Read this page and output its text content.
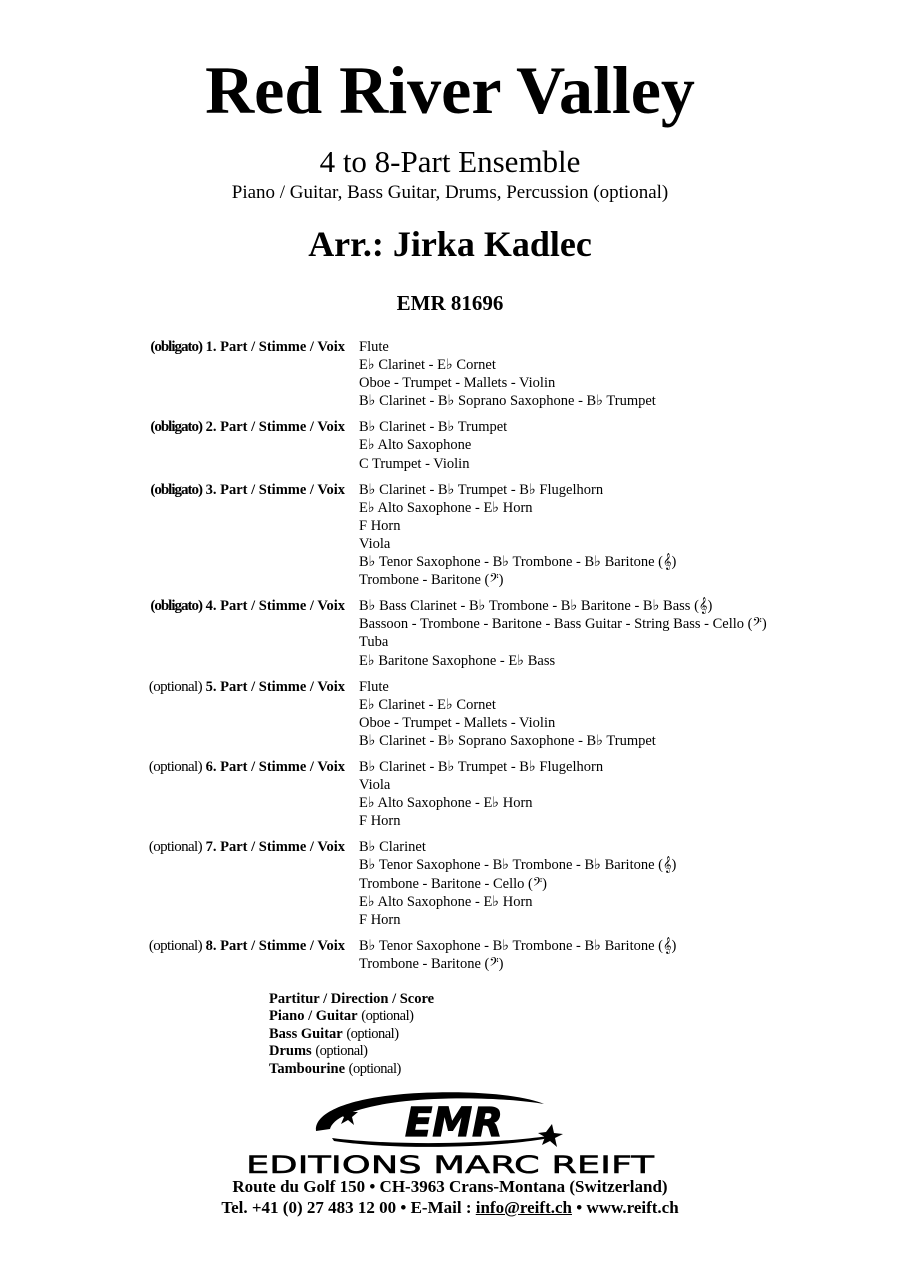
Red River Valley
4 to 8-Part Ensemble
Piano / Guitar, Bass Guitar, Drums, Percussion (optional)
Arr.: Jirka Kadlec
EMR 81696
(obligato) 1. Part / Stimme / Voix Flute
E♭ Clarinet - E♭ Cornet
Oboe - Trumpet - Mallets - Violin
B♭ Clarinet - B♭ Soprano Saxophone - B♭ Trumpet
(obligato) 2. Part / Stimme / Voix B♭ Clarinet - B♭ Trumpet
E♭ Alto Saxophone
C Trumpet - Violin
(obligato) 3. Part / Stimme / Voix B♭ Clarinet - B♭ Trumpet - B♭ Flugelhorn
E♭ Alto Saxophone - E♭ Horn
F Horn
Viola
B♭ Tenor Saxophone - B♭ Trombone - B♭ Baritone (𝄞)
Trombone - Baritone (𝄢)
(obligato) 4. Part / Stimme / Voix B♭ Bass Clarinet - B♭ Trombone - B♭ Baritone - B♭ Bass (𝄞)
Bassoon - Trombone - Baritone - Bass Guitar - String Bass - Cello (𝄢)
Tuba
E♭ Baritone Saxophone - E♭ Bass
(optional) 5. Part / Stimme / Voix Flute
E♭ Clarinet - E♭ Cornet
Oboe - Trumpet - Mallets - Violin
B♭ Clarinet - B♭ Soprano Saxophone - B♭ Trumpet
(optional) 6. Part / Stimme / Voix B♭ Clarinet - B♭ Trumpet - B♭ Flugelhorn
Viola
E♭ Alto Saxophone - E♭ Horn
F Horn
(optional) 7. Part / Stimme / Voix B♭ Clarinet
B♭ Tenor Saxophone - B♭ Trombone - B♭ Baritone (𝄞)
Trombone - Baritone - Cello (𝄢)
E♭ Alto Saxophone - E♭ Horn
F Horn
(optional) 8. Part / Stimme / Voix B♭ Tenor Saxophone - B♭ Trombone - B♭ Baritone (𝄞)
Trombone - Baritone (𝄢)
Partitur / Direction / Score
Piano / Guitar (optional)
Bass Guitar (optional)
Drums (optional)
Tambourine (optional)
EMR
EDITIONS MARC REIFT
Route du Golf 150 • CH-3963 Crans-Montana (Switzerland)
Tel. +41 (0) 27 483 12 00 • E-Mail : info@reift.ch • www.reift.ch
